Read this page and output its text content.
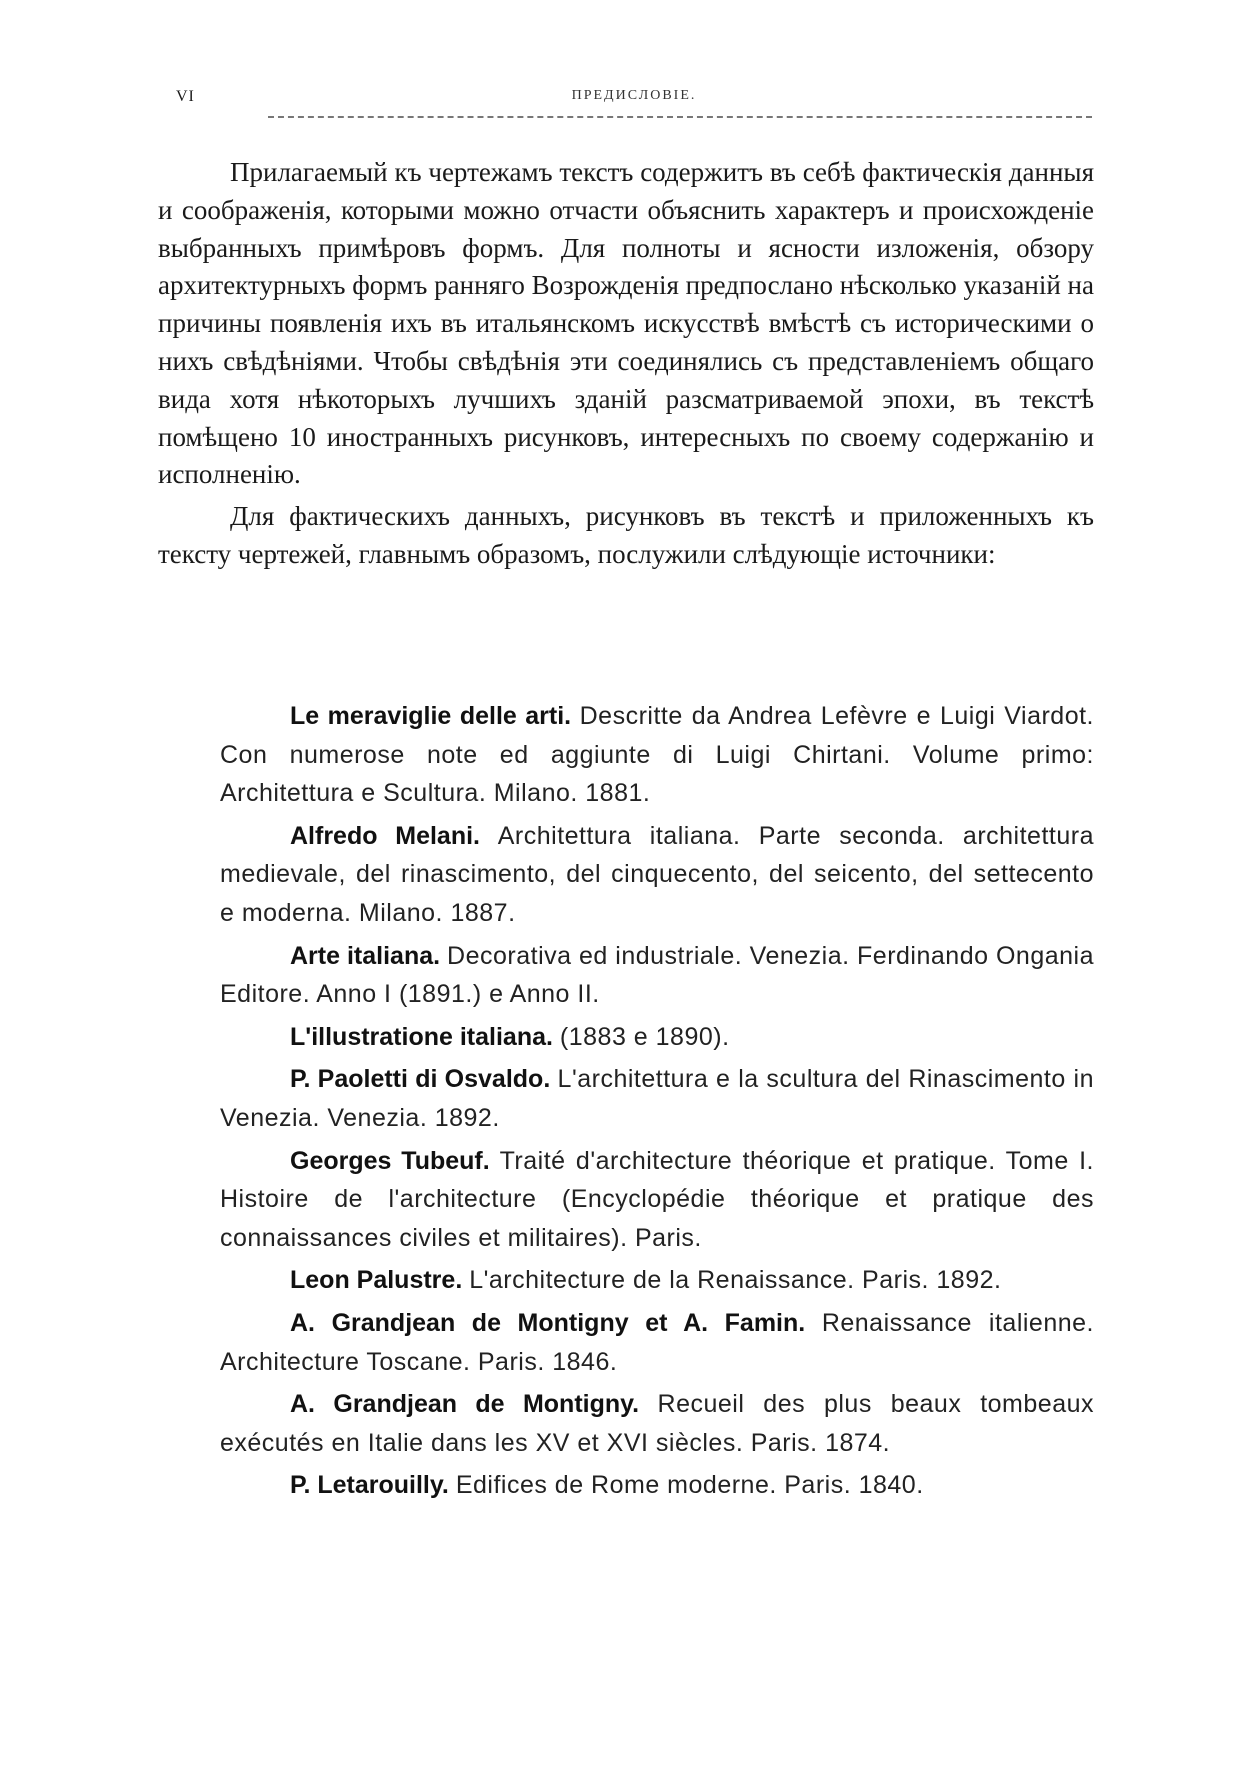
VI	ПРЕДИСЛОВІЕ.

Прилагаемый къ чертежамъ текстъ содержитъ въ себѣ фактическія данныя и соображенія, которыми можно отчасти объяснить характеръ и происхожденіе выбранныхъ примѣровъ формъ. Для полноты и ясности изложенія, обзору архитектурныхъ формъ ранняго Возрожденія предпослано нѣсколько указаній на причины появленія ихъ въ итальянскомъ искусствѣ вмѣстѣ съ историческими о нихъ свѣдѣніями. Чтобы свѣдѣнія эти соединялись съ представленіемъ общаго вида хотя нѣкоторыхъ лучшихъ зданій разсматриваемой эпохи, въ текстѣ помѣщено 10 иностранныхъ рисунковъ, интересныхъ по своему содержанію и исполненію.

Для фактическихъ данныхъ, рисунковъ въ текстѣ и приложенныхъ къ тексту чертежей, главнымъ образомъ, послужили слѣдующіе источники:

Le meraviglie delle arti. Descritte da Andrea Lefèvre e Luigi Viardot. Con numerose note ed aggiunte di Luigi Chirtani. Volume primo: Architettura e Scultura. Milano. 1881.

Alfredo Melani. Architettura italiana. Parte seconda. architettura medievale, del rinascimento, del cinquecento, del seicento, del settecento e moderna. Milano. 1887.

Arte italiana. Decorativa ed industriale. Venezia. Ferdinando Ongania Editore. Anno I (1891.) e Anno II.

L'illustratione italiana. (1883 e 1890).

P. Paoletti di Osvaldo. L'architettura e la scultura del Rinascimento in Venezia. Venezia. 1892.

Georges Tubeuf. Traité d'architecture théorique et pratique. Tome I. Histoire de l'architecture (Encyclopédie théorique et pratique des connaissances civiles et militaires). Paris.

Leon Palustre. L'architecture de la Renaissance. Paris. 1892.

A. Grandjean de Montigny et A. Famin. Renaissance italienne. Architecture Toscane. Paris. 1846.

A. Grandjean de Montigny. Recueil des plus beaux tombeaux exécutés en Italie dans les XV et XVI siècles. Paris. 1874.

P. Letarouilly. Edifices de Rome moderne. Paris. 1840.
